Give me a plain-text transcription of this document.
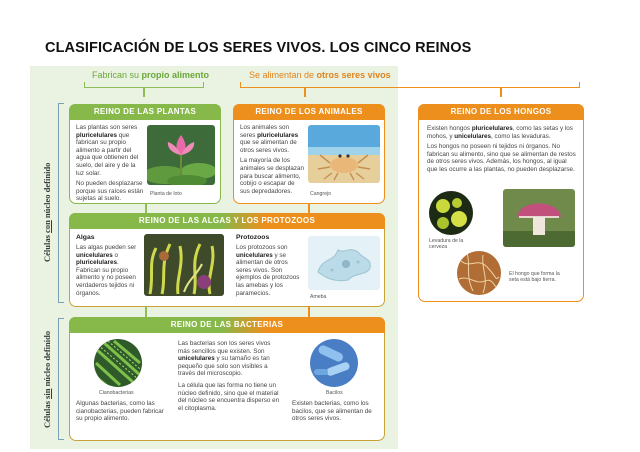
CLASIFICACIÓN DE LOS SERES VIVOS. LOS CINCO REINOS
Fabrican su propio alimento	Se alimentan de otros seres vivos
Células con núcleo definido
Células sin núcleo definido
REINO DE LAS PLANTAS
Las plantas son seres pluricelulares que fabrican su propio alimento a partir del agua que obtienen del suelo, del aire y de la luz solar.
No pueden desplazarse porque sus raíces están sujetas al suelo.
Planta de loto
REINO DE LOS ANIMALES
Los animales son seres pluricelulares que se alimentan de otros seres vivos.
La mayoría de los animales se desplazan para buscar alimento, cobijo o escapar de sus depredadores.	Cangrejo
REINO DE LOS HONGOS
Existen hongos pluricelulares, como las setas y los mohos, y unicelulares, como las levaduras.
Los hongos no poseen ni tejidos ni órganos. No fabrican su alimento, sino que se alimentan de restos de otros seres vivos. Además, los hongos, al igual que les ocurre a las plantas, no pueden desplazarse.
Levadura de la cerveza
El hongo que forma la seta está bajo tierra.
REINO DE LAS ALGAS Y LOS PROTOZOOS
Algas
Las algas pueden ser unicelulares o pluricelulares. Fabrican su propio alimento y no poseen verdaderos tejidos ni órganos.
Protozoos
Los protozoos son unicelulares y se alimentan de otros seres vivos. Son ejemplos de protozoos las amebas y los paramecios.
Ameba
REINO DE LAS BACTERIAS
Cianobacterias
Algunas bacterias, como las cianobacterias, pueden fabricar su propio alimento.
Las bacterias son los seres vivos más sencillos que existen. Son unicelulares y su tamaño es tan pequeño que solo son visibles a través del microscopio.
La célula que las forma no tiene un núcleo definido, sino que el material del núcleo se encuentra disperso en el citoplasma.
Bacilos
Existen bacterias, como los bacilos, que se alimentan de otros seres vivos.
